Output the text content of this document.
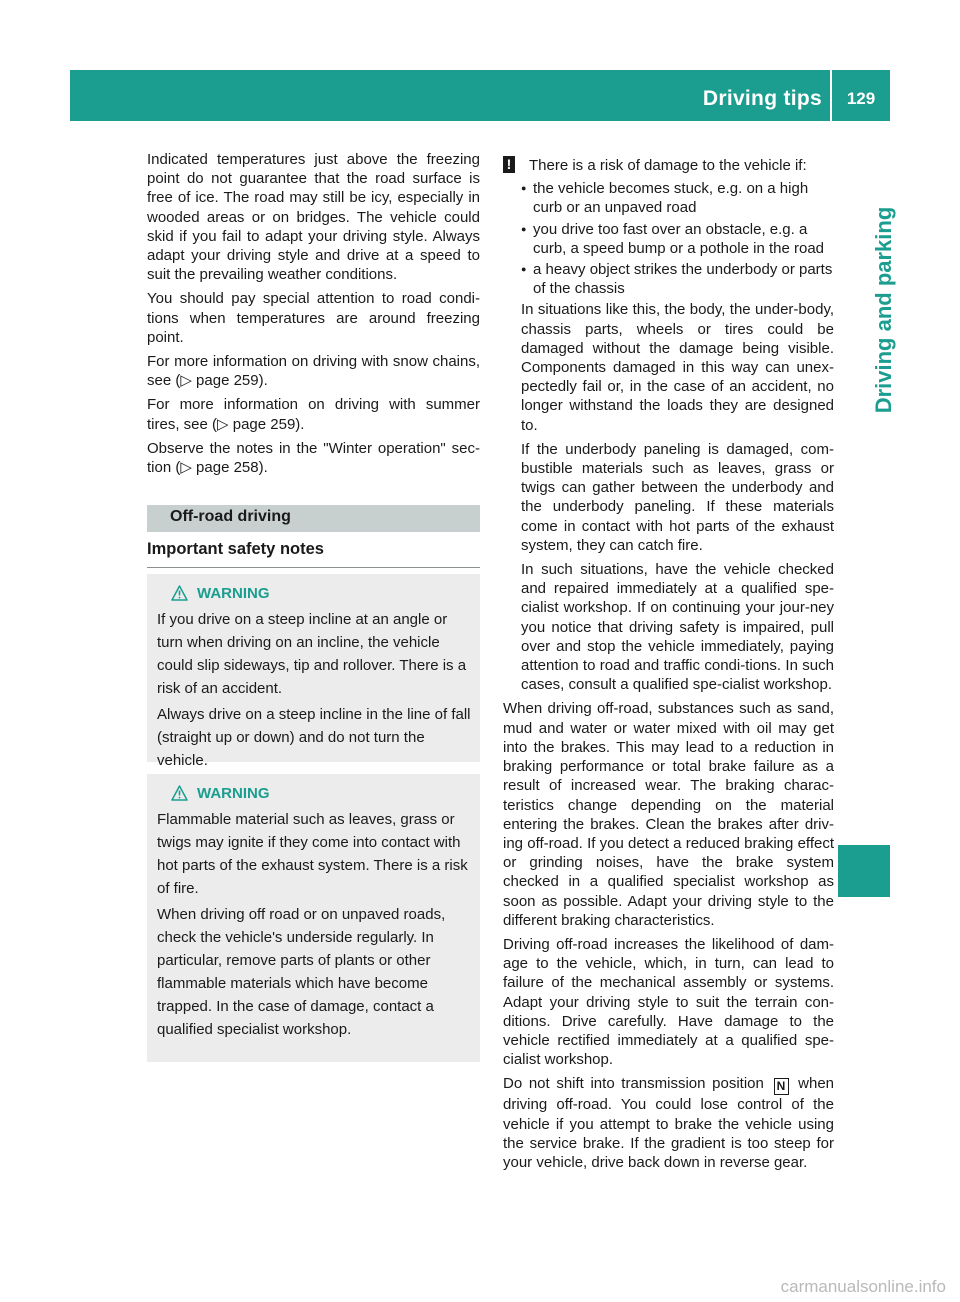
Driving tips	129
Driving and parking

Indicated temperatures just above the freezing point do not guarantee that the road surface is free of ice. The road may still be icy, especially in wooded areas or on bridges. The vehicle could skid if you fail to adapt your driving style. Always adapt your driving style and drive at a speed to suit the prevailing weather conditions.

You should pay special attention to road condi-tions when temperatures are around freezing point.

For more information on driving with snow chains, see (▷ page 259).

For more information on driving with summer tires, see (▷ page 259).

Observe the notes in the "Winter operation" sec-tion (▷ page 258).

Off-road driving
Important safety notes
WARNING

If you drive on a steep incline at an angle or turn when driving on an incline, the vehicle could slip sideways, tip and rollover. There is a risk of an accident.

Always drive on a steep incline in the line of fall (straight up or down) and do not turn the vehicle.

WARNING

Flammable material such as leaves, grass or twigs may ignite if they come into contact with hot parts of the exhaust system. There is a risk of fire.

When driving off road or on unpaved roads, check the vehicle's underside regularly. In particular, remove parts of plants or other flammable materials which have become trapped. In the case of damage, contact a qualified specialist workshop.

! There is a risk of damage to the vehicle if:
● the vehicle becomes stuck, e.g. on a high curb or an unpaved road
● you drive too fast over an obstacle, e.g. a curb, a speed bump or a pothole in the road
● a heavy object strikes the underbody or parts of the chassis

In situations like this, the body, the under-body, chassis parts, wheels or tires could be damaged without the damage being visible. Components damaged in this way can unex-pectedly fail or, in the case of an accident, no longer withstand the loads they are designed to.

If the underbody paneling is damaged, com-bustible materials such as leaves, grass or twigs can gather between the underbody and the underbody paneling. If these materials come in contact with hot parts of the exhaust system, they can catch fire.

In such situations, have the vehicle checked and repaired immediately at a qualified spe-cialist workshop. If on continuing your jour-ney you notice that driving safety is impaired, pull over and stop the vehicle immediately, paying attention to road and traffic condi-tions. In such cases, consult a qualified spe-cialist workshop.

When driving off-road, substances such as sand, mud and water or water mixed with oil may get into the brakes. This may lead to a reduction in braking performance or total brake failure as a result of increased wear. The braking charac-teristics change depending on the material entering the brakes. Clean the brakes after driv-ing off-road. If you detect a reduced braking effect or grinding noises, have the brake system checked in a qualified specialist workshop as soon as possible. Adapt your driving style to the different braking characteristics.

Driving off-road increases the likelihood of dam-age to the vehicle, which, in turn, can lead to failure of the mechanical assembly or systems. Adapt your driving style to suit the terrain con-ditions. Drive carefully. Have damage to the vehicle rectified immediately at a qualified spe-cialist workshop.

Do not shift into transmission position N when driving off-road. You could lose control of the vehicle if you attempt to brake the vehicle using the service brake. If the gradient is too steep for your vehicle, drive back down in reverse gear.

carmanualsonline.info
